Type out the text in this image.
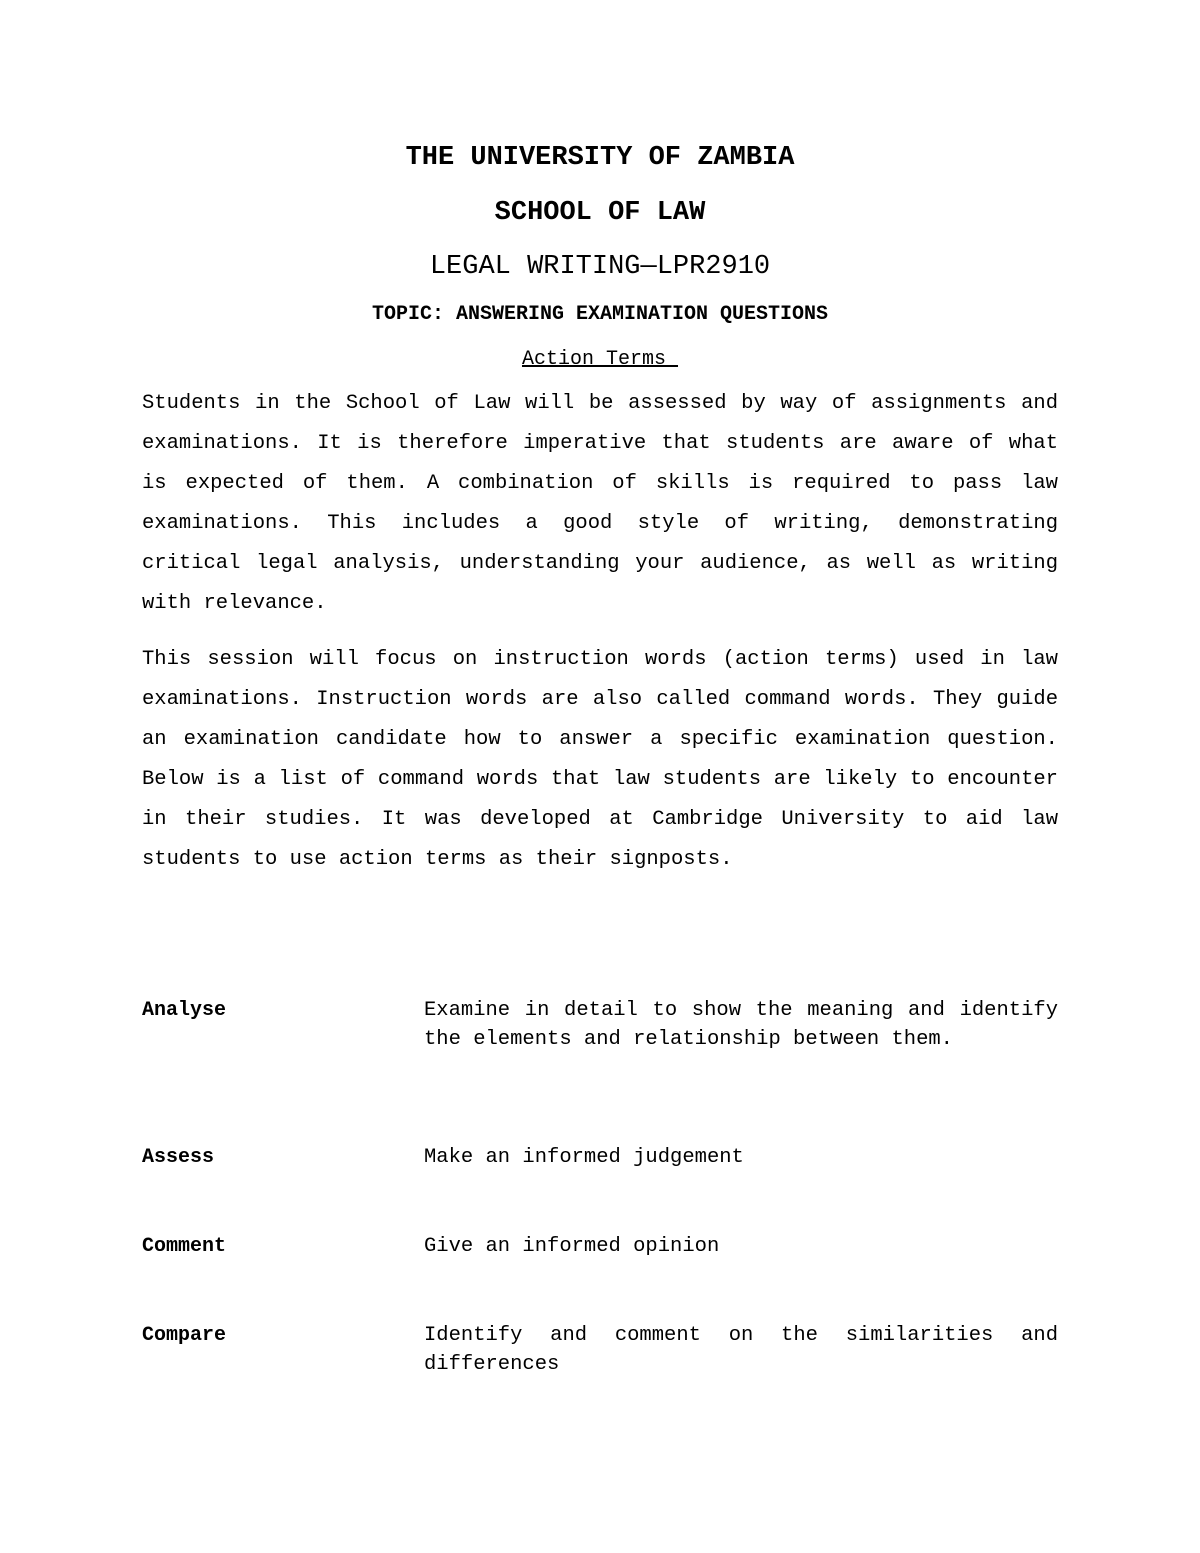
THE UNIVERSITY OF ZAMBIA
SCHOOL OF LAW
LEGAL WRITING—LPR2910
TOPIC: ANSWERING EXAMINATION QUESTIONS
Action Terms

Students in the School of Law will be assessed by way of assignments and examinations. It is therefore imperative that students are aware of what is expected of them. A combination of skills is required to pass law examinations. This includes a good style of writing, demonstrating critical legal analysis, understanding your audience, as well as writing with relevance.

This session will focus on instruction words (action terms) used in law examinations. Instruction words are also called command words. They guide an examination candidate how to answer a specific examination question. Below is a list of command words that law students are likely to encounter in their studies. It was developed at Cambridge University to aid law students to use action terms as their signposts.

Analyse	Examine in detail to show the meaning and identify the elements and relationship between them.
Assess	Make an informed judgement
Comment	Give an informed opinion
Compare	Identify and comment on the similarities and differences
